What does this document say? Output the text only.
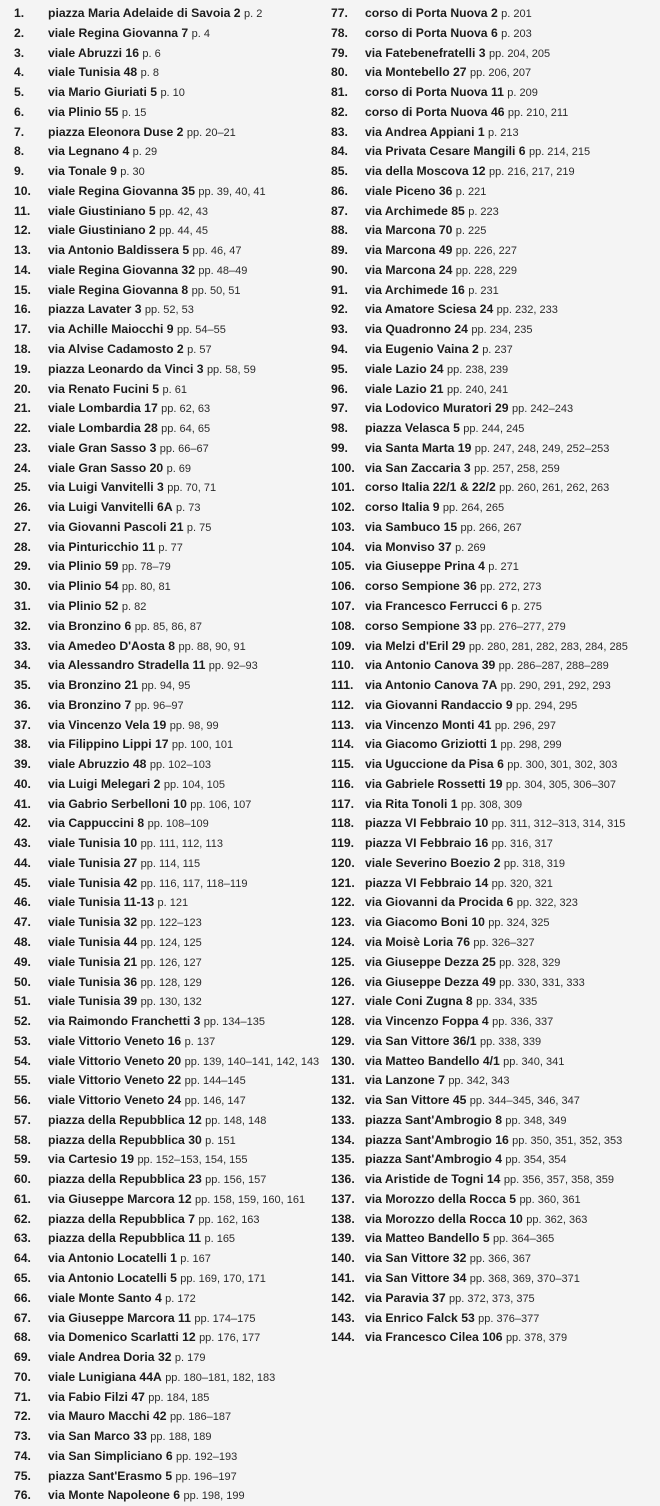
1.	piazza Maria Adelaide di Savoia 2 p. 2
2.	viale Regina Giovanna 7 p. 4
3.	viale Abruzzi 16 p. 6
4.	viale Tunisia 48 p. 8
5.	via Mario Giuriati 5 p. 10
6.	via Plinio 55 p. 15
7.	piazza Eleonora Duse 2 pp. 20–21
8.	via Legnano 4 p. 29
9.	via Tonale 9 p. 30
10.	viale Regina Giovanna 35 pp. 39, 40, 41
11.	viale Giustiniano 5 pp. 42, 43
12.	viale Giustiniano 2 pp. 44, 45
13.	via Antonio Baldissera 5 pp. 46, 47
14.	viale Regina Giovanna 32 pp. 48–49
15.	viale Regina Giovanna 8 pp. 50, 51
16.	piazza Lavater 3 pp. 52, 53
17.	via Achille Maiocchi 9 pp. 54–55
18.	via Alvise Cadamosto 2 p. 57
19.	piazza Leonardo da Vinci 3 pp. 58, 59
20.	via Renato Fucini 5 p. 61
21.	viale Lombardia 17 pp. 62, 63
22.	viale Lombardia 28 pp. 64, 65
23.	viale Gran Sasso 3 pp. 66–67
24.	viale Gran Sasso 20 p. 69
25.	via Luigi Vanvitelli 3 pp. 70, 71
26.	via Luigi Vanvitelli 6A p. 73
27.	via Giovanni Pascoli 21 p. 75
28.	via Pinturicchio 11 p. 77
29.	via Plinio 59 pp. 78–79
30.	via Plinio 54 pp. 80, 81
31.	via Plinio 52 p. 82
32.	via Bronzino 6 pp. 85, 86, 87
33.	via Amedeo D'Aosta 8 pp. 88, 90, 91
34.	via Alessandro Stradella 11 pp. 92–93
35.	via Bronzino 21 pp. 94, 95
36.	via Bronzino 7 pp. 96–97
37.	via Vincenzo Vela 19 pp. 98, 99
38.	via Filippino Lippi 17 pp. 100, 101
39.	viale Abruzzio 48 pp. 102–103
40.	via Luigi Melegari 2 pp. 104, 105
41.	via Gabrio Serbelloni 10 pp. 106, 107
42.	via Cappuccini 8 pp. 108–109
43.	viale Tunisia 10 pp. 111, 112, 113
44.	viale Tunisia 27 pp. 114, 115
45.	viale Tunisia 42 pp. 116, 117, 118–119
46.	viale Tunisia 11-13 p. 121
47.	viale Tunisia 32 pp. 122–123
48.	viale Tunisia 44 pp. 124, 125
49.	viale Tunisia 21 pp. 126, 127
50.	viale Tunisia 36 pp. 128, 129
51.	viale Tunisia 39 pp. 130, 132
52.	via Raimondo Franchetti 3 pp. 134–135
53.	viale Vittorio Veneto 16 p. 137
54.	viale Vittorio Veneto 20 pp. 139, 140–141, 142, 143
55.	viale Vittorio Veneto 22 pp. 144–145
56.	viale Vittorio Veneto 24 pp. 146, 147
57.	piazza della Repubblica 12 pp. 148, 148
58.	piazza della Repubblica 30 p. 151
59.	via Cartesio 19 pp. 152–153, 154, 155
60.	piazza della Repubblica 23 pp. 156, 157
61.	via Giuseppe Marcora 12 pp. 158, 159, 160, 161
62.	piazza della Repubblica 7 pp. 162, 163
63.	piazza della Repubblica 11 p. 165
64.	via Antonio Locatelli 1 p. 167
65.	via Antonio Locatelli 5 pp. 169, 170, 171
66.	viale Monte Santo 4 p. 172
67.	via Giuseppe Marcora 11 pp. 174–175
68.	via Domenico Scarlatti 12 pp. 176, 177
69.	viale Andrea Doria 32 p. 179
70.	viale Lunigiana 44A pp. 180–181, 182, 183
71.	via Fabio Filzi 47 pp. 184, 185
72.	via Mauro Macchi 42 pp. 186–187
73.	via San Marco 33 pp. 188, 189
74.	via San Simpliciano 6 pp. 192–193
75.	piazza Sant'Erasmo 5 pp. 196–197
76.	via Monte Napoleone 6 pp. 198, 199
77.	corso di Porta Nuova 2 p. 201
78.	corso di Porta Nuova 6 p. 203
79.	via Fatebenefratelli 3 pp. 204, 205
80.	via Montebello 27 pp. 206, 207
81.	corso di Porta Nuova 11 p. 209
82.	corso di Porta Nuova 46 pp. 210, 211
83.	via Andrea Appiani 1 p. 213
84.	via Privata Cesare Mangili 6 pp. 214, 215
85.	via della Moscova 12 pp. 216, 217, 219
86.	viale Piceno 36 p. 221
87.	via Archimede 85 p. 223
88.	via Marcona 70 p. 225
89.	via Marcona 49 pp. 226, 227
90.	via Marcona 24 pp. 228, 229
91.	via Archimede 16 p. 231
92.	via Amatore Sciesa 24 pp. 232, 233
93.	via Quadronno 24 pp. 234, 235
94.	via Eugenio Vaina 2 p. 237
95.	viale Lazio 24 pp. 238, 239
96.	viale Lazio 21 pp. 240, 241
97.	via Lodovico Muratori 29 pp. 242–243
98.	piazza Velasca 5 pp. 244, 245
99.	via Santa Marta 19 pp. 247, 248, 249, 252–253
100. via San Zaccaria 3 pp. 257, 258, 259
101. corso Italia 22/1 & 22/2 pp. 260, 261, 262, 263
102. corso Italia 9 pp. 264, 265
103. via Sambuco 15 pp. 266, 267
104. via Monviso 37 p. 269
105. via Giuseppe Prina 4 p. 271
106. corso Sempione 36 pp. 272, 273
107. via Francesco Ferrucci 6 p. 275
108. corso Sempione 33 pp. 276–277, 279
109. via Melzi d'Eril 29 pp. 280, 281, 282, 283, 284, 285
110. via Antonio Canova 39 pp. 286–287, 288–289
111. via Antonio Canova 7A pp. 290, 291, 292, 293
112. via Giovanni Randaccio 9 pp. 294, 295
113. via Vincenzo Monti 41 pp. 296, 297
114. via Giacomo Griziotti 1 pp. 298, 299
115. via Uguccione da Pisa 6 pp. 300, 301, 302, 303
116. via Gabriele Rossetti 19 pp. 304, 305, 306–307
117. via Rita Tonoli 1 pp. 308, 309
118. piazza VI Febbraio 10 pp. 311, 312–313, 314, 315
119. piazza VI Febbraio 16 pp. 316, 317
120. viale Severino Boezio 2 pp. 318, 319
121. piazza VI Febbraio 14 pp. 320, 321
122. via Giovanni da Procida 6 pp. 322, 323
123. via Giacomo Boni 10 pp. 324, 325
124. via Moisè Loria 76 pp. 326–327
125. via Giuseppe Dezza 25 pp. 328, 329
126. via Giuseppe Dezza 49 pp. 330, 331, 333
127. viale Coni Zugna 8 pp. 334, 335
128. via Vincenzo Foppa 4 pp. 336, 337
129. via San Vittore 36/1 pp. 338, 339
130. via Matteo Bandello 4/1 pp. 340, 341
131. via Lanzone 7 pp. 342, 343
132. via San Vittore 45 pp. 344–345, 346, 347
133. piazza Sant'Ambrogio 8 pp. 348, 349
134. piazza Sant'Ambrogio 16 pp. 350, 351, 352, 353
135. piazza Sant'Ambrogio 4 pp. 354, 354
136. via Aristide de Togni 14 pp. 356, 357, 358, 359
137. via Morozzo della Rocca 5 pp. 360, 361
138. via Morozzo della Rocca 10 pp. 362, 363
139. via Matteo Bandello 5 pp. 364–365
140. via San Vittore 32 pp. 366, 367
141. via San Vittore 34 pp. 368, 369, 370–371
142. via Paravia 37 pp. 372, 373, 375
143. via Enrico Falck 53 pp. 376–377
144. via Francesco Cilea 106 pp. 378, 379
